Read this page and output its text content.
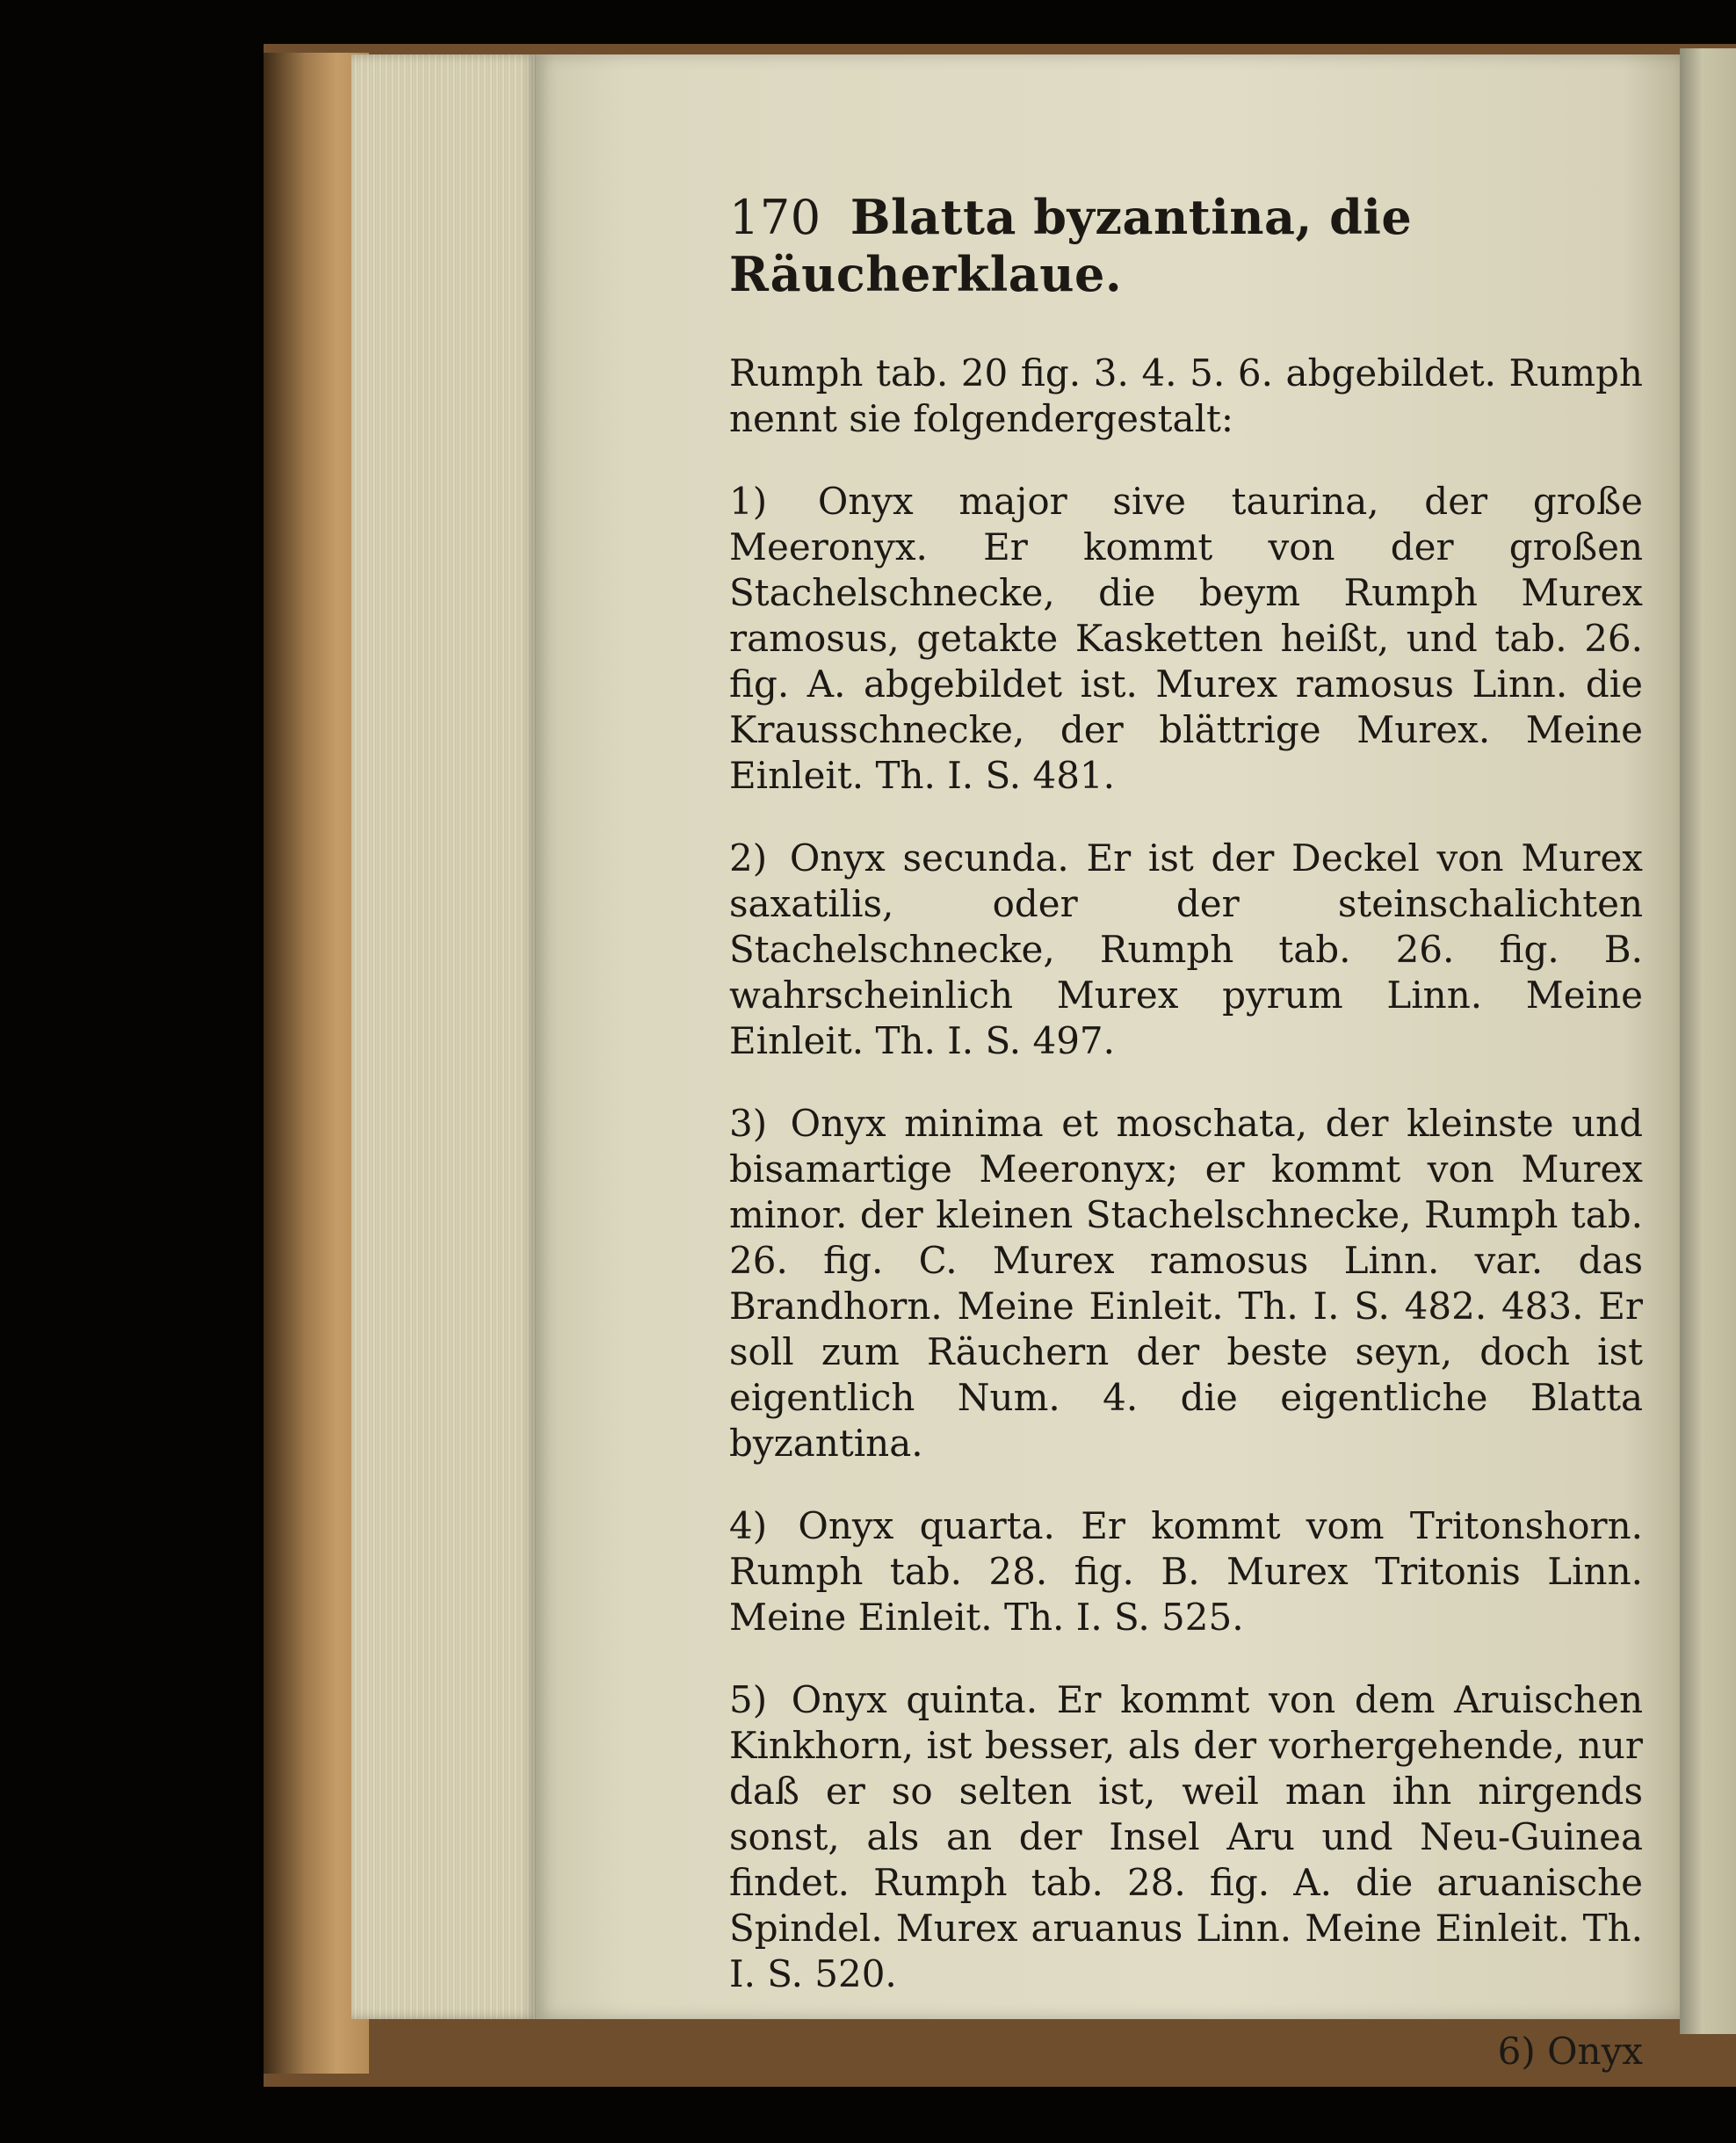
170 Blatta byzantina, die Räucherklaue.

Rumph tab. 20 fig. 3. 4. 5. 6. abgebildet. Rumph nennt sie folgendergestalt:

1) Onyx major sive taurina, der große Meeronyx. Er kommt von der großen Stachelschnecke, die beym Rumph Murex ramosus, getakte Kasketten heißt, und tab. 26. fig. A. abgebildet ist. Murex ramosus Linn. die Krausschnecke, der blättrige Murex. Meine Einleit. Th. I. S. 481.

2) Onyx secunda. Er ist der Deckel von Murex saxatilis, oder der steinschalichten Stachelschnecke, Rumph tab. 26. fig. B. wahrscheinlich Murex pyrum Linn. Meine Einleit. Th. I. S. 497.

3) Onyx minima et moschata, der kleinste und bisamartige Meeronyx; er kommt von Murex minor. der kleinen Stachelschnecke, Rumph tab. 26. fig. C. Murex ramosus Linn. var. das Brandhorn. Meine Einleit. Th. I. S. 482. 483. Er soll zum Räuchern der beste seyn, doch ist eigentlich Num. 4. die eigentliche Blatta byzantina.

4) Onyx quarta. Er kommt vom Tritonshorn. Rumph tab. 28. fig. B. Murex Tritonis Linn. Meine Einleit. Th. I. S. 525.

5) Onyx quinta. Er kommt von dem Aruischen Kinkhorn, ist besser, als der vorhergehende, nur daß er so selten ist, weil man ihn nirgends sonst, als an der Insel Aru und Neu-Guinea findet. Rumph tab. 28. fig. A. die aruanische Spindel. Murex aruanus Linn. Meine Einleit. Th. I. S. 520.

6) Onyx
